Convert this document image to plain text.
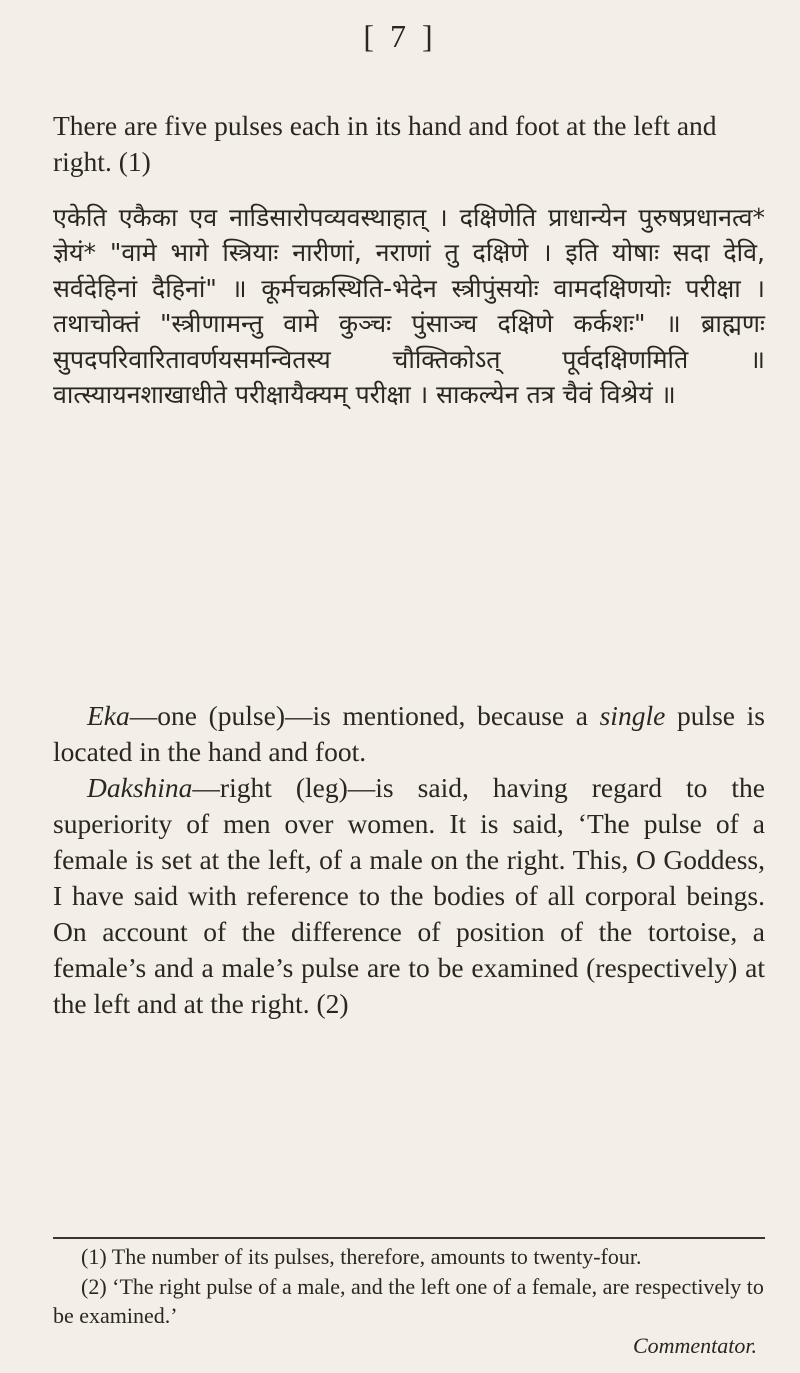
[ 7 ]
There are five pulses each in its hand and foot at the left and right. (1)
एकेति एकैका एव नाडिसारोपव्यवस्थाहात् । दक्षिणेति प्राधान्येन पुरुषप्रधानत्व* ज्ञेयं* "वामे भागे स्त्रियाः नारीणां, नराणां तु दक्षिणे । इति योषाः सदा देवि, सर्वदेहिनां दैहिनां" ॥ कूर्मचक्रस्थिति-भेदेन स्त्रीपुंसयोः वामदक्षिणयोः परीक्षा । तथाचोक्तं "स्त्रीणामन्तु वामे कुञ्चः पुंसाञ्च दक्षिणे कर्कशः" ॥ ब्राह्मणः सुपदपरिवारितावर्णयसमन्वितस्य चौक्तिकोऽत् पूर्वदक्षिणमिति ॥ वात्स्यायनशाखाधीते परीक्षायैक्यम् परीक्षा । साकल्येन तत्र चैवं विश्रेयं ॥

Eka—one (pulse)—is mentioned, because a single pulse is located in the hand and foot.

Dakshina—right (leg)—is said, having regard to the superiority of men over women. It is said, ‘The pulse of a female is set at the left, of a male on the right. This, O Goddess, I have said with reference to the bodies of all corporal beings. On account of the difference of position of the tortoise, a female’s and a male’s pulse are to be examined (respectively) at the left and at the right. (2)

(1) The number of its pulses, therefore, amounts to twenty-four.

(2) ‘The right pulse of a male, and the left one of a female, are respectively to be examined.’

Commentator.
